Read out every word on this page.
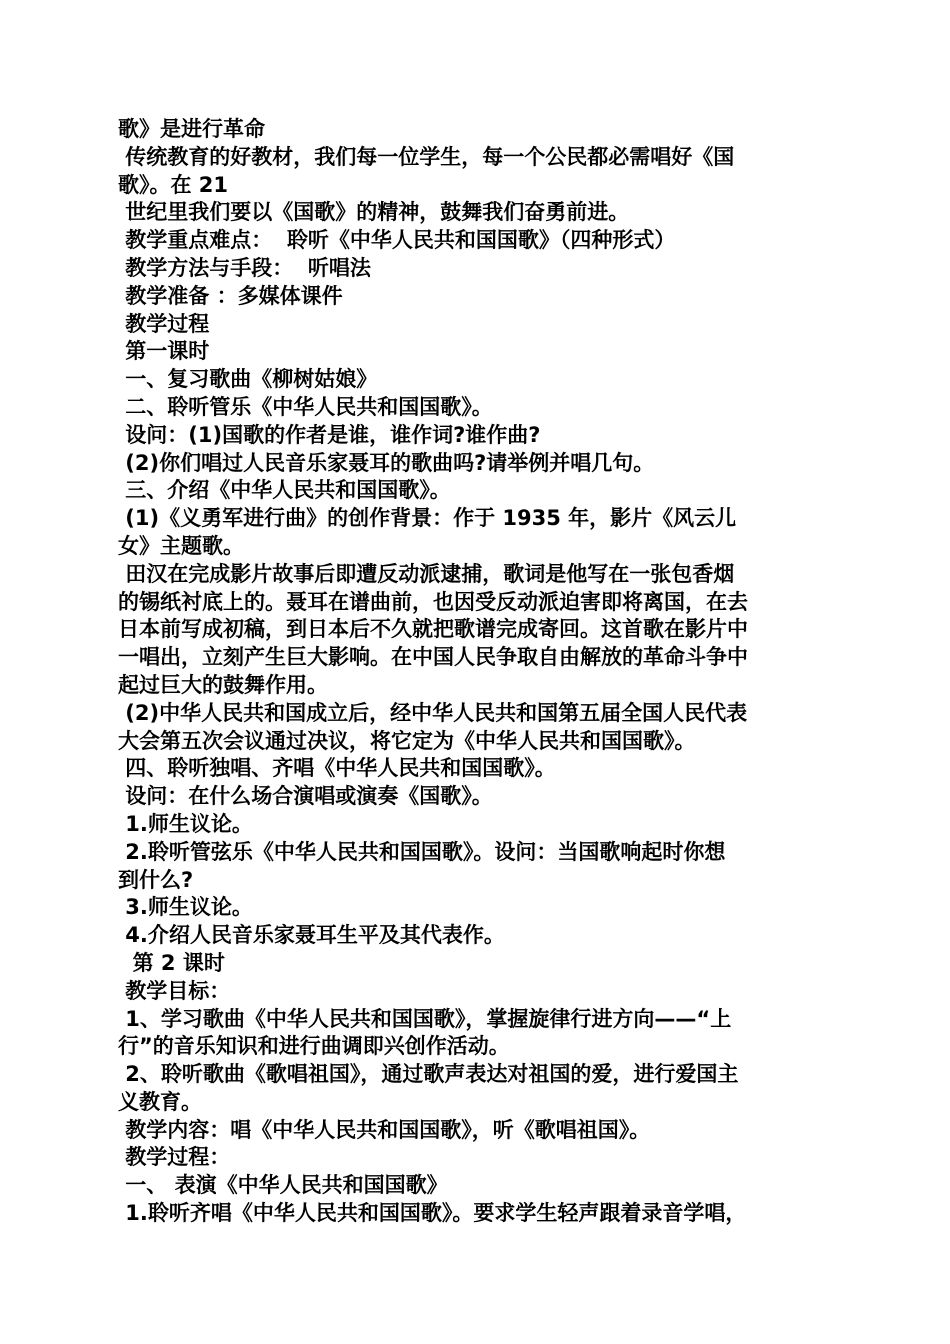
歌》是进行革命
传统教育的好教材，我们每一位学生，每一个公民都必需唱好《国
歌》。在 21
世纪里我们要以《国歌》的精神，鼓舞我们奋勇前进。
教学重点难点：  聆听《中华人民共和国国歌》（四种形式）
教学方法与手段：  听唱法
教学准备 ：多媒体课件
教学过程
第一课时
一、复习歌曲《柳树姑娘》
二、聆听管乐《中华人民共和国国歌》。
设问：(1)国歌的作者是谁，谁作词?谁作曲?
(2)你们唱过人民音乐家聂耳的歌曲吗?请举例并唱几句。
三、介绍《中华人民共和国国歌》。
(1)《义勇军进行曲》的创作背景：作于 1935 年，影片《风云儿
女》主题歌。
田汉在完成影片故事后即遭反动派逮捕，歌词是他写在一张包香烟
的锡纸衬底上的。聂耳在谱曲前，也因受反动派迫害即将离国，在去
日本前写成初稿，到日本后不久就把歌谱完成寄回。这首歌在影片中
一唱出，立刻产生巨大影响。在中国人民争取自由解放的革命斗争中
起过巨大的鼓舞作用。
(2)中华人民共和国成立后，经中华人民共和国第五届全国人民代表
大会第五次会议通过决议，将它定为《中华人民共和国国歌》。
四、聆听独唱、齐唱《中华人民共和国国歌》。
设问：在什么场合演唱或演奏《国歌》。
1.师生议论。
2.聆听管弦乐《中华人民共和国国歌》。设问：当国歌响起时你想
到什么?
3.师生议论。
4.介绍人民音乐家聂耳生平及其代表作。
第 2 课时
教学目标：
1、学习歌曲《中华人民共和国国歌》，掌握旋律行进方向——“上
行”的音乐知识和进行曲调即兴创作活动。
2、聆听歌曲《歌唱祖国》，通过歌声表达对祖国的爱，进行爱国主
义教育。
教学内容：唱《中华人民共和国国歌》，听《歌唱祖国》。
教学过程：
一、 表演《中华人民共和国国歌》
1.聆听齐唱《中华人民共和国国歌》。要求学生轻声跟着录音学唱，
